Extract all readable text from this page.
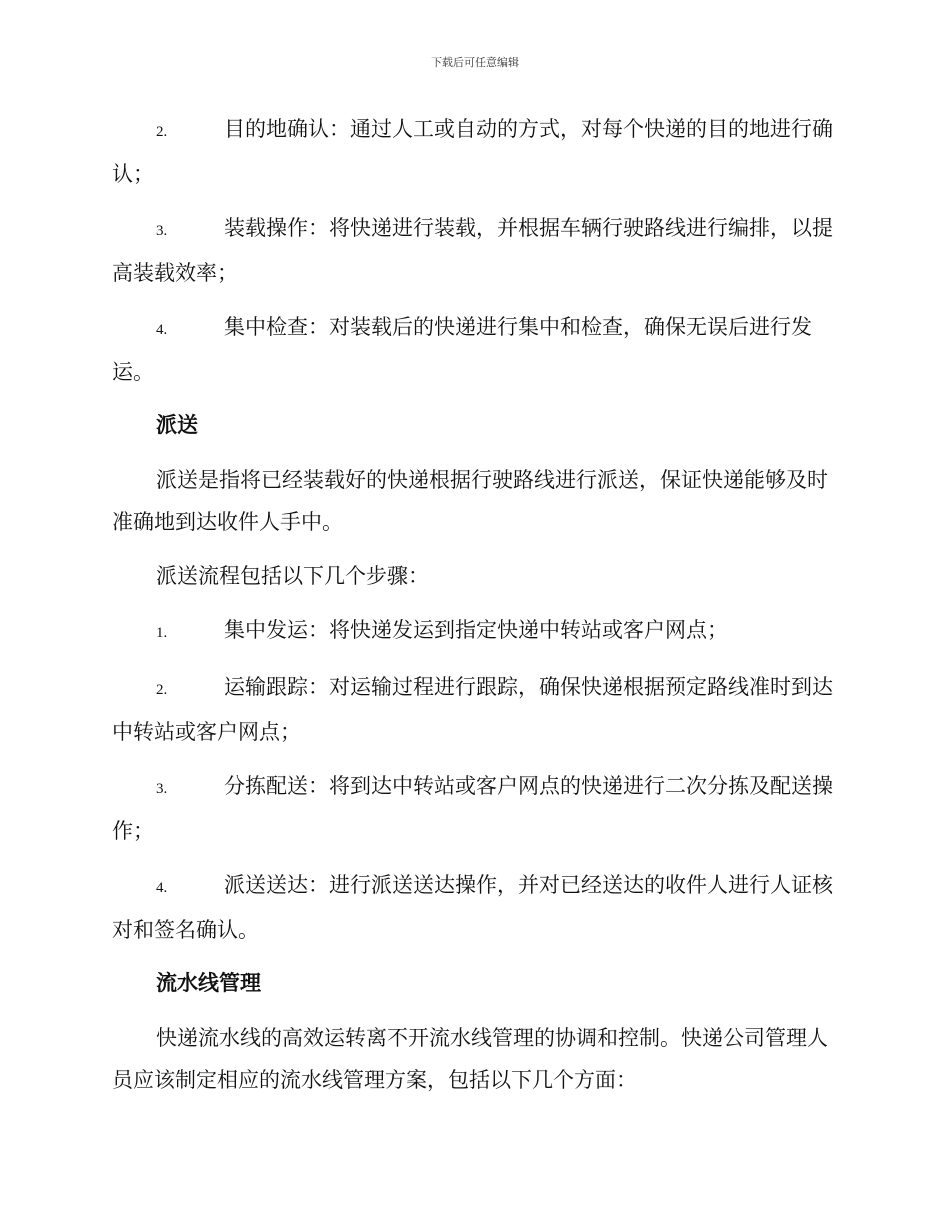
下载后可任意编辑

2.	目的地确认：通过人工或自动的方式，对每个快递的目的地进行确认；

3.	装载操作：将快递进行装载，并根据车辆行驶路线进行编排，以提高装载效率；

4.	集中检查：对装载后的快递进行集中和检查，确保无误后进行发运。

派送

派送是指将已经装载好的快递根据行驶路线进行派送，保证快递能够及时准确地到达收件人手中。

派送流程包括以下几个步骤：

1.	集中发运：将快递发运到指定快递中转站或客户网点；

2.	运输跟踪：对运输过程进行跟踪，确保快递根据预定路线准时到达中转站或客户网点；

3.	分拣配送：将到达中转站或客户网点的快递进行二次分拣及配送操作；

4.	派送送达：进行派送送达操作，并对已经送达的收件人进行人证核对和签名确认。

流水线管理

快递流水线的高效运转离不开流水线管理的协调和控制。快递公司管理人员应该制定相应的流水线管理方案，包括以下几个方面：
